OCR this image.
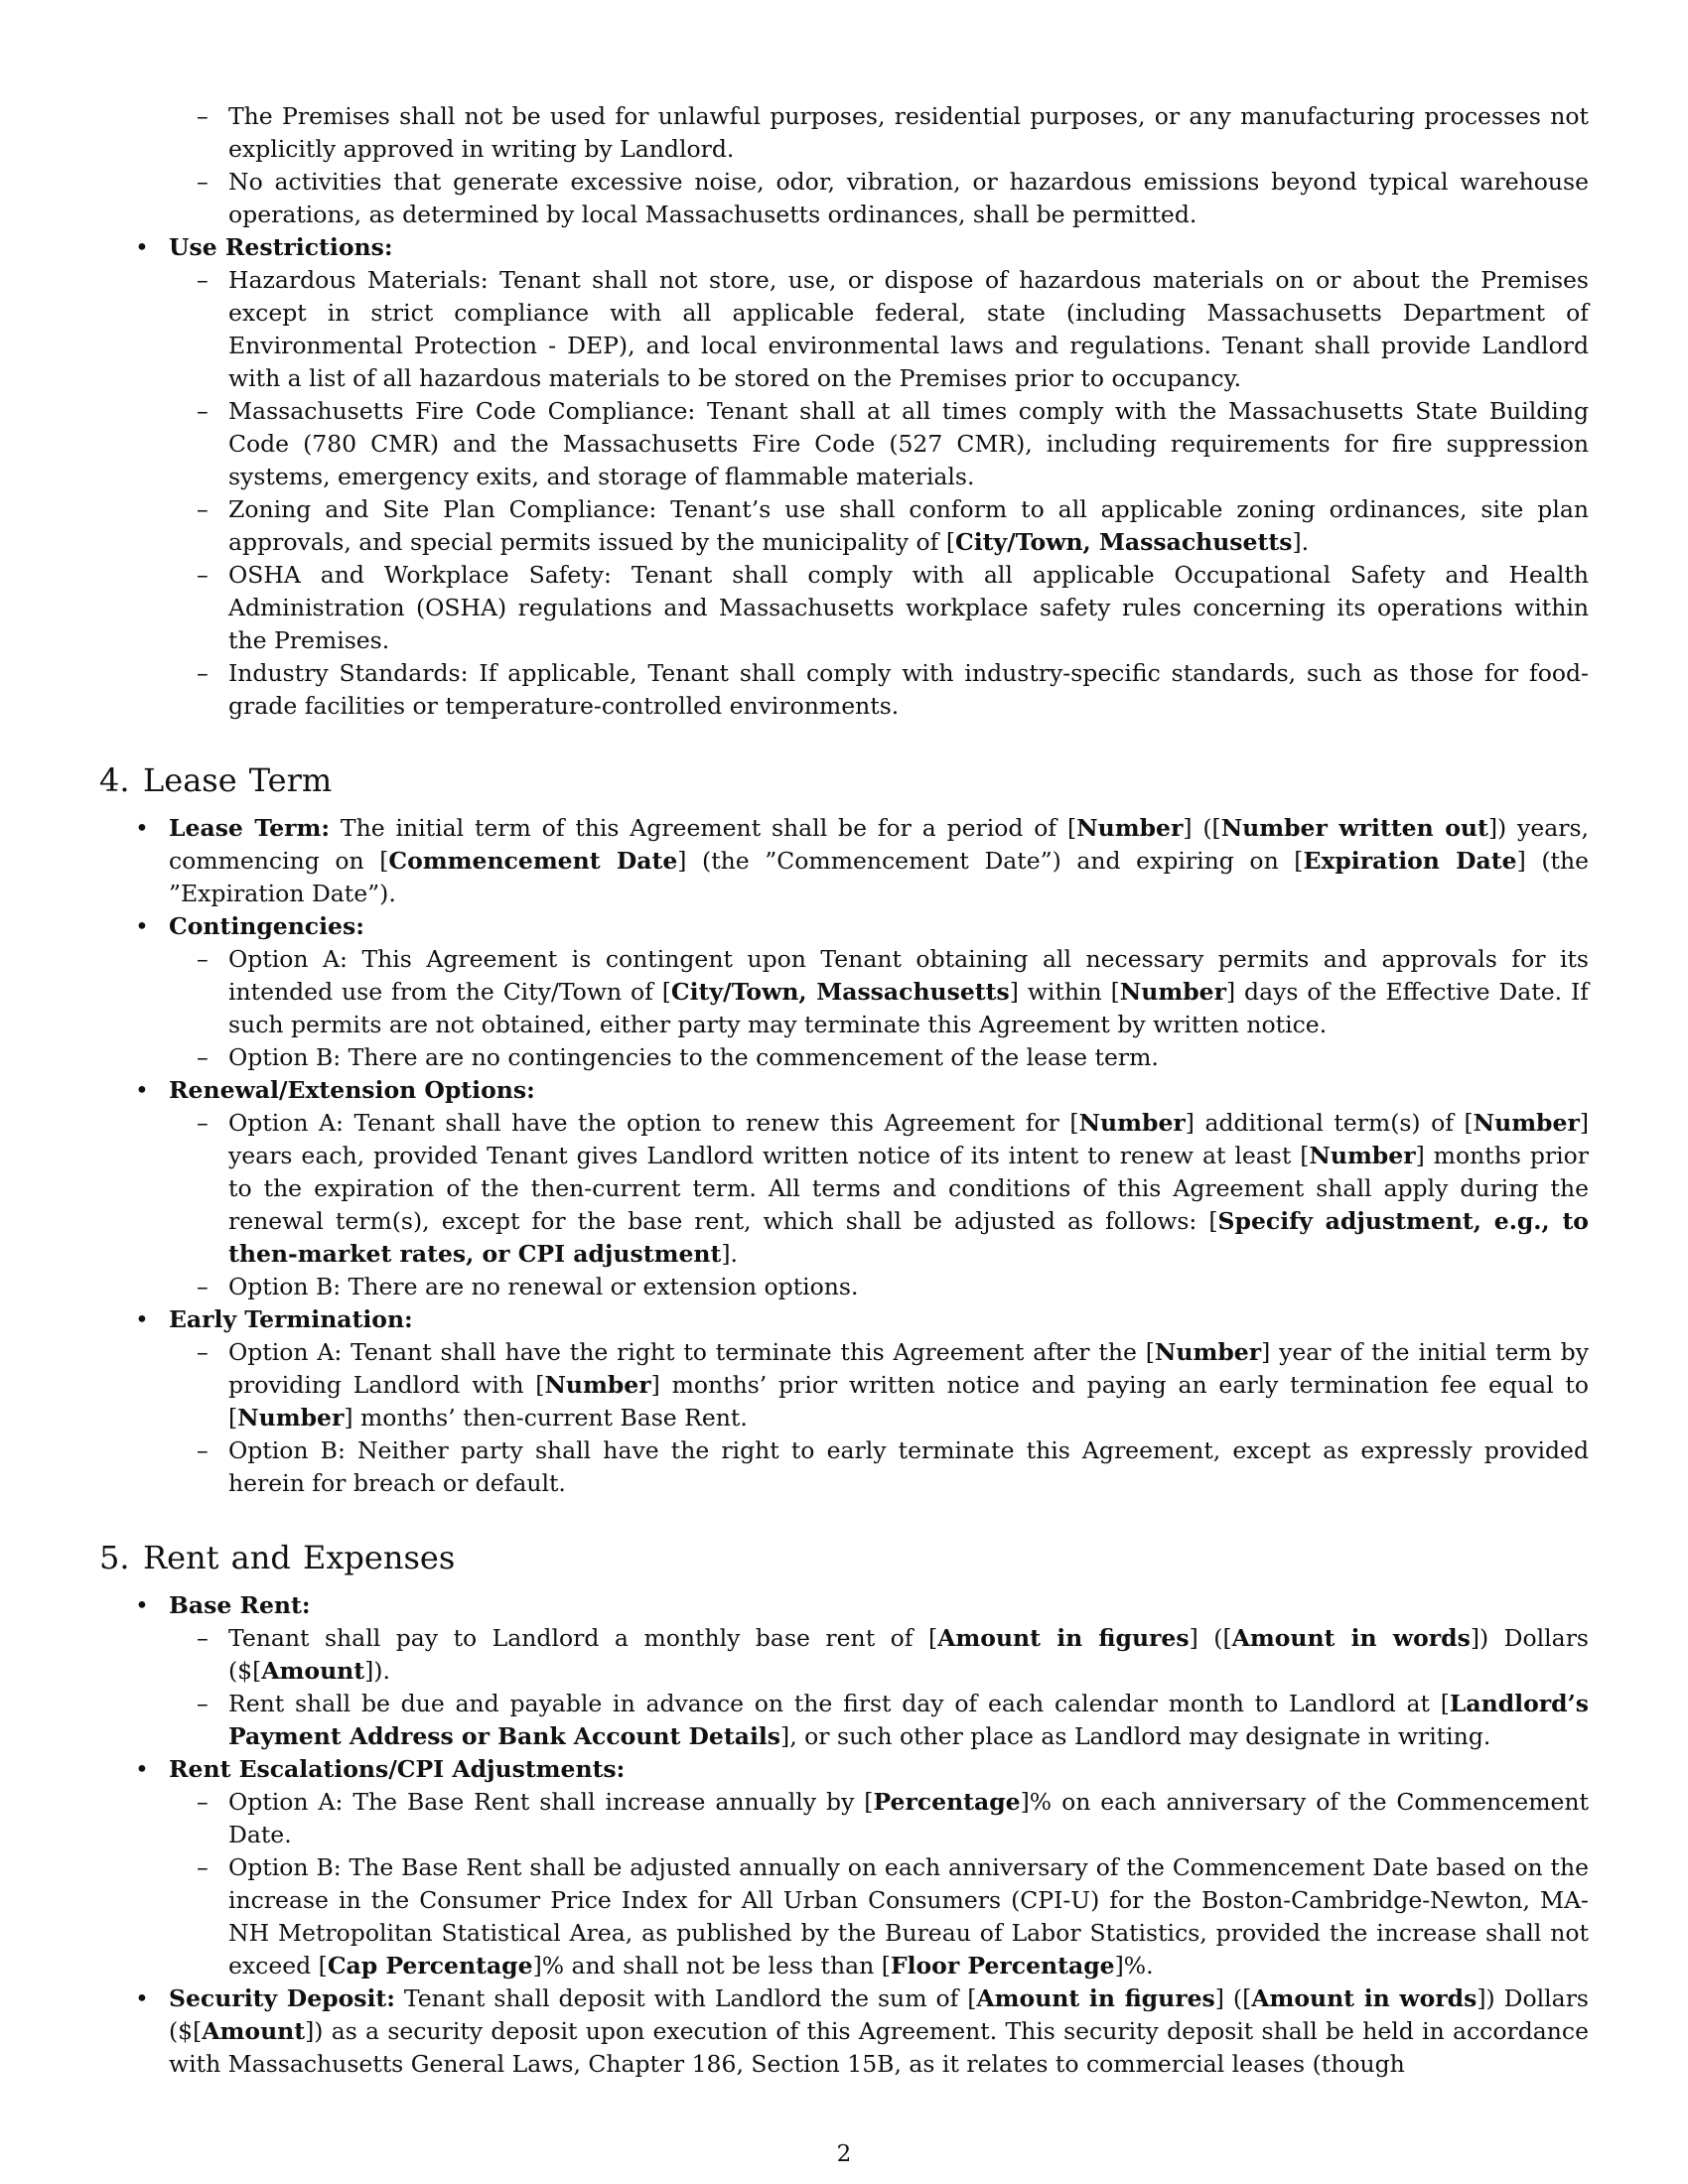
– The Premises shall not be used for unlawful purposes, residential purposes, or any manufacturing processes not explicitly approved in writing by Landlord.
– No activities that generate excessive noise, odor, vibration, or hazardous emissions beyond typical warehouse operations, as determined by local Massachusetts ordinances, shall be permitted.
• Use Restrictions:
– Hazardous Materials: Tenant shall not store, use, or dispose of hazardous materials on or about the Premises except in strict compliance with all applicable federal, state (including Massachusetts Department of Environmental Protection - DEP), and local environmental laws and regulations. Tenant shall provide Landlord with a list of all hazardous materials to be stored on the Premises prior to occupancy.
– Massachusetts Fire Code Compliance: Tenant shall at all times comply with the Massachusetts State Building Code (780 CMR) and the Massachusetts Fire Code (527 CMR), including requirements for fire suppression systems, emergency exits, and storage of flammable materials.
– Zoning and Site Plan Compliance: Tenant’s use shall conform to all applicable zoning ordinances, site plan approvals, and special permits issued by the municipality of [City/Town, Massachusetts].
– OSHA and Workplace Safety: Tenant shall comply with all applicable Occupational Safety and Health Administration (OSHA) regulations and Massachusetts workplace safety rules concerning its operations within the Premises.
– Industry Standards: If applicable, Tenant shall comply with industry-specific standards, such as those for food-grade facilities or temperature-controlled environments.
4. Lease Term
• Lease Term: The initial term of this Agreement shall be for a period of [Number] ([Number written out]) years, commencing on [Commencement Date] (the ”Commencement Date”) and expiring on [Expiration Date] (the ”Expiration Date”).
• Contingencies:
– Option A: This Agreement is contingent upon Tenant obtaining all necessary permits and approvals for its intended use from the City/Town of [City/Town, Massachusetts] within [Number] days of the Effective Date. If such permits are not obtained, either party may terminate this Agreement by written notice.
– Option B: There are no contingencies to the commencement of the lease term.
• Renewal/Extension Options:
– Option A: Tenant shall have the option to renew this Agreement for [Number] additional term(s) of [Number] years each, provided Tenant gives Landlord written notice of its intent to renew at least [Number] months prior to the expiration of the then-current term. All terms and conditions of this Agreement shall apply during the renewal term(s), except for the base rent, which shall be adjusted as follows: [Specify adjustment, e.g., to then-market rates, or CPI adjustment].
– Option B: There are no renewal or extension options.
• Early Termination:
– Option A: Tenant shall have the right to terminate this Agreement after the [Number] year of the initial term by providing Landlord with [Number] months’ prior written notice and paying an early termination fee equal to [Number] months’ then-current Base Rent.
– Option B: Neither party shall have the right to early terminate this Agreement, except as expressly provided herein for breach or default.
5. Rent and Expenses
• Base Rent:
– Tenant shall pay to Landlord a monthly base rent of [Amount in figures] ([Amount in words]) Dollars ($[Amount]).
– Rent shall be due and payable in advance on the first day of each calendar month to Landlord at [Landlord’s Payment Address or Bank Account Details], or such other place as Landlord may designate in writing.
• Rent Escalations/CPI Adjustments:
– Option A: The Base Rent shall increase annually by [Percentage]% on each anniversary of the Commencement Date.
– Option B: The Base Rent shall be adjusted annually on each anniversary of the Commencement Date based on the increase in the Consumer Price Index for All Urban Consumers (CPI-U) for the Boston-Cambridge-Newton, MA-NH Metropolitan Statistical Area, as published by the Bureau of Labor Statistics, provided the increase shall not exceed [Cap Percentage]% and shall not be less than [Floor Percentage]%.
• Security Deposit: Tenant shall deposit with Landlord the sum of [Amount in figures] ([Amount in words]) Dollars ($[Amount]) as a security deposit upon execution of this Agreement. This security deposit shall be held in accordance with Massachusetts General Laws, Chapter 186, Section 15B, as it relates to commercial leases (though
2
